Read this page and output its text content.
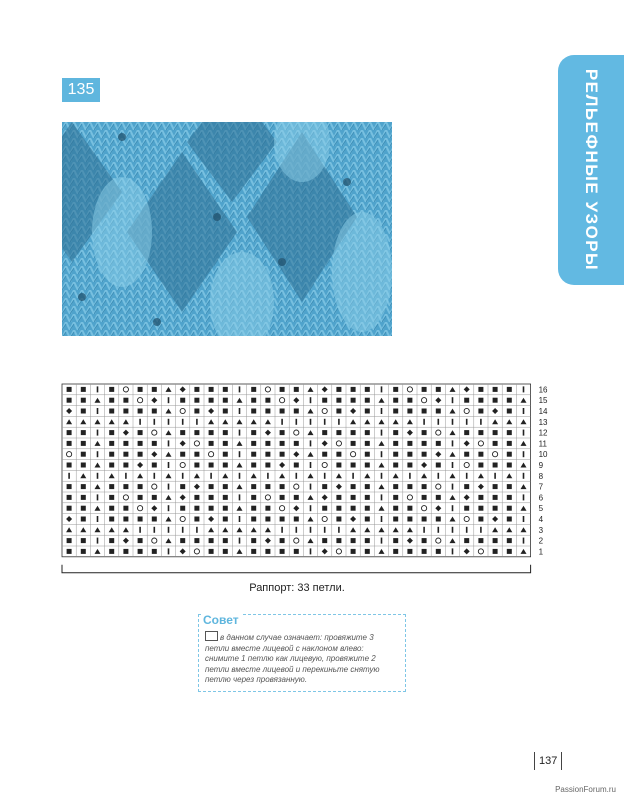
135	РЕЛЬЕФНЫЕ УЗОРЫ
16
15
14
13
12
11
10
9
8
7
6
5
4
3
2
1
Раппорт: 33 петли.
Совет
в данном случае означает: провяжите 3 петли вместе лицевой с наклоном влево: снимите 1 петлю как лицевую, провяжите 2 петли вместе лицевой и перекиньте снятую петлю через провязанную.
137
PassionForum.ru
